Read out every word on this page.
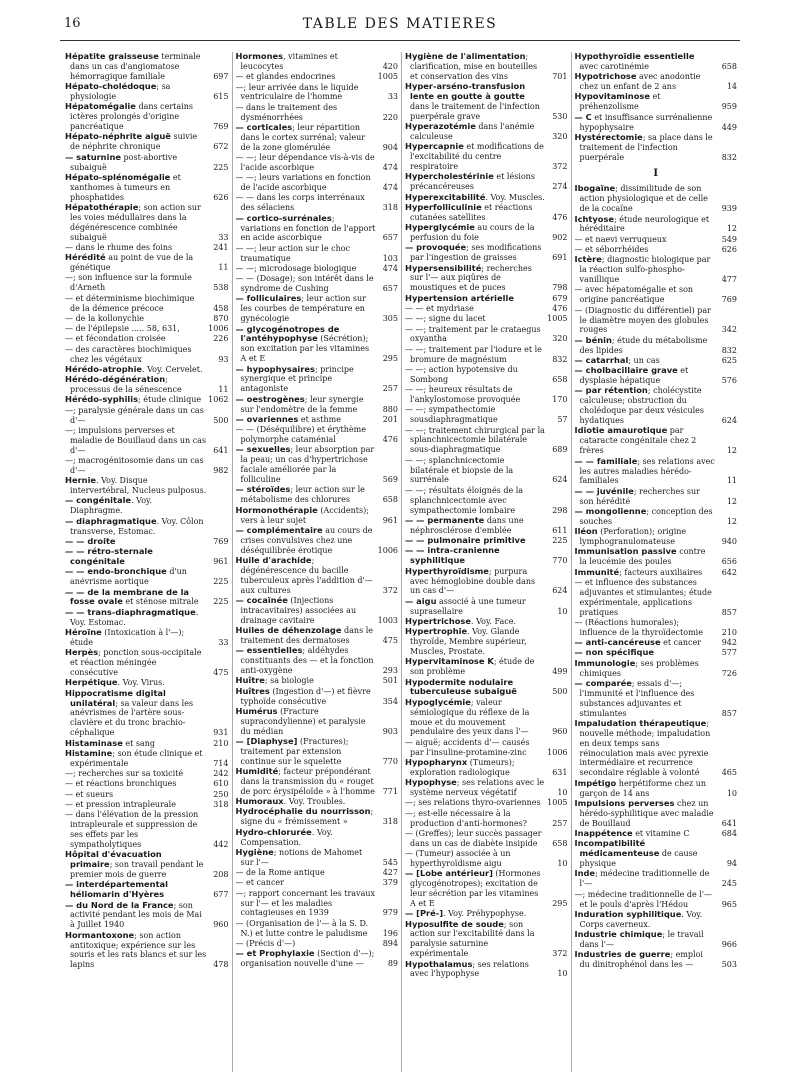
16	TABLE DES MATIERES
Hépatite graisseuse terminale dans un cas d'angiomatose hémorragique familiale	697
Hépato-cholédoque; sa physiologie	615
Hépatomégalie dans certains ictères prolongés d'origine pancréatique	769
Hépato-néphrite aiguë suivie de néphrite chronique	672
— saturnine post-abortive subaiguë	225
Hépato-splénomégalie et xanthomes à tumeurs en phosphatides	626
Hépatothérapie; son action sur les voies médullaires dans la dégénérescence combinée subaiguë	33
— dans le rhume des foins	241
Hérédité au point de vue de la génétique	11
—; son influence sur la formule d'Arneth	538
— et déterminisme biochimique de la démence précoce	458
— de la kollonychie	870
— de l'épilepsie ..... 58, 631,	1006
— et fécondation croisée	226
— des caractères biochimiques chez les végétaux	93
Hérédo-atrophie. Voy. Cervelet.
Hérédo-dégénération; processus de la sénescence	11
Hérédo-syphilis; étude clinique 1062
—; paralysie générale dans un cas d'—	500
—; impulsions perverses et maladie de Bouillaud dans un cas d'—	641
—; macrogénitosomie dans un cas d'—	982
Hernie. Voy. Disque intervertébral, Nucleus pulposus.
— congénitale. Voy. Diaphragme.
— diaphragmatique. Voy. Côlon transverse, Estomac.
— — droite	769
— — rétro-sternale congénitale	961
— — endo-bronchique d'un anévrisme aortique	225
— — de la membrane de la fosse ovale et sténose mitrale 225
— — trans-diaphragmatique. Voy. Estomac.
Héroïne (Intoxication à l'—); étude	33
Herpès; ponction sous-occipitale et réaction méningée consécutive	475
Herpétique. Voy. Virus.
Hippocratisme digital unilatéral; sa valeur dans les anévrismes de l'artère sous-clavière et du tronc brachio-céphalique	931
Histaminase et sang	210
Histamine; son étude clinique et expérimentale	714
—; recherches sur sa toxicité	242
— et réactions bronchiques	610
— et sueurs	250
— et pression intrapleurale	318
— dans l'élévation de la pression intrapleurale et suppression de ses effets par les sympatholytiques	442
Hôpital d'évacuation primaire; son travail pendant le premier mois de guerre	208
— interdépartemental héliomarin d'Hyères	677
— du Nord de la France; son activité pendant les mois de Mai à Juillet 1940	960
Hormantoxone; son action antitoxique; expérience sur les souris et les rats blancs et sur les lapins	478
Hormones, vitamines et leucocytes	420
— et glandes endocrines	1005
—; leur arrivée dans le liquide ventriculaire de l'homme	33
— dans le traitement des dysménorrhées	220
— corticales; leur répartition dans le cortex surrénal; valeur de la zone glomérulée	904
— —; leur dépendance vis-à-vis de l'acide ascorbique	474
— —; leurs variations en fonction de l'acide ascorbique	474
— — dans les corps interrénaux des sélaciens	318
— cortico-surrénales; variations en fonction de l'apport en acide ascorbique	657
— —; leur action sur le choc traumatique	103
— —; microdosage biologique	474
— — (Dosage); son intérêt dans le syndrome de Cushing	657
— folliculaires; leur action sur les courbes de température en gynécologie	305
— glycogénotropes de l'antéhypophyse (Sécrétion); son excitation par les vitamines A et E	295
— hypophysaires; principe synergique et principe antagoniste	257
— oestrogènes; leur synergie sur l'endomètre de la femme	880
— ovariennes et asthme	201
— — (Déséquilibre) et érythème polymorphe cataménial	476
— sexuelles; leur absorption par la peau; un cas d'hypertrichose faciale améliorée par la folliculine	569
— stéroïdes; leur action sur le métabolisme des chlorures	658
Hormonothérapie (Accidents); vers à leur sujet	961
— complémentaire au cours de crises convulsives chez une déséquilibrée érotique	1006
Huile d'arachide; dégénérescence du bacille tuberculeux après l'addition d'— aux cultures	372
— cocaïnée (Injections intracavitaires) associées au drainage cavitaire	1003
Huiles de déhenzolage dans le traitement des dermatoses	475
— essentielles; aldéhydes constituants des — et la fonction anti-oxygène	293
Huître; sa biologie	501
Huîtres (Ingestion d'—) et fièvre typhoïde consécutive	354
Humérus (Fracture supracondylienne) et paralysie du médian	903
— [Diaphyse] (Fractures); traitement par extension continue sur le squelette	770
Humidité; facteur prépondérant dans la transmission du « rouget de porc érysipéloïde » à l'homme 771
Humoraux. Voy. Troubles.
Hydrocéphalie du nourrisson; signe du « frémissement »	318
Hydro-chlorurée. Voy. Compensation.
Hygiène; notions de Mahomet sur l'—	545
— de la Rome antique	427
— et cancer	379
—; rapport concernant les travaux sur l'— et les maladies contagieuses en 1939	979
— (Organisation de l'— à la S. D. N.) et lutte contre le paludisme 196
— (Précis d'—)	894
— et Prophylaxie (Section d'—); organisation nouvelle d'une —	89
Hygiène de l'alimentation; clarification, mise en bouteilles et conservation des vins	701
Hyper-arséno-transfusion lente en goutte à goutte dans le traitement de l'infection puerpérale grave	530
Hyperazotémie dans l'anémie calculeuse	320
Hypercapnie et modifications de l'excitabilité du centre respiratoire	372
Hypercholestérinie et lésions précancéreuses	274
Hyperexcitabilité. Voy. Muscles.
Hyperfolliculinie et réactions cutanées satellites	476
Hyperglycémie au cours de la perfusion du foie	902
— provoquée; ses modifications par l'ingestion de graisses	691
Hypersensibilité; recherches sur l'— aux piqûres de moustiques et de puces	798
Hypertension artérielle	679
— — et mydriase	476
— —; signe du lacet	1005
— —; traitement par le crataegus oxyantha	320
— —; traitement par l'iodure et le bromure de magnésium	832
— —; action hypotensive du Sombong	658
— —; heureux résultats de l'ankylostomose provoquée	170
— —; sympathectomie sousdiaphragmatique	57
— —; traitement chirurgical par la splanchnicectomie bilatérale sous-diaphragmatique	689
— —; splanchnicectomie bilatérale et biopsie de la surrénale	624
— —; résultats éloignés de la splanchnicectomie avec sympathectomie lombaire	298
— — permanente dans une néphrosclérose d'emblée	611
— — pulmonaire primitive	225
— — intra-cranienne syphilitique	770
Hyperthyroïdisme; purpura avec hémoglobine double dans un cas d'—	624
— aigu associé à une tumeur suprasellaire	10
Hypertrichose. Voy. Face.
Hypertrophie. Voy. Glande thyroïde, Membre supérieur, Muscles, Prostate.
Hypervitaminose K; étude de son problème	499
Hypodermite nodulaire tuberculeuse subaiguë	500
Hypoglycémie; valeur sémiologique du réflexe de la moue et du mouvement pendulaire des yeux dans l'—	960
— aiguë; accidents d'— causés par l'insuline-protamine-zinc	1006
Hypopharynx (Tumeurs); exploration radiologique	631
Hypophyse; ses relations avec le système nerveux végétatif	10
—; ses relations thyro-ovariennes 1005
—; est-elle nécessaire à la production d'anti-hormones?	257
— (Greffes); leur succès passager dans un cas de diabète insipide 658
— (Tumeur) associée à un hyperthyroïdisme aigu	10
— [Lobe antérieur] (Hormones glycogénotropes); excitation de leur sécrétion par les vitamines A et E	295
— [Pré-]. Voy. Préhypophyse.
Hyposulfite de soude; son action sur l'excitabilité dans la paralysie saturnine expérimentale	372
Hypothalamus; ses relations avec l'hypophyse	10
Hypothyroïdie essentielle avec carotinémie	658
Hypotrichose avec anodontie chez un enfant de 2 ans	14
Hypovitaminose et préhenzolisme	959
— C et insuffisance surrénalienne hypophysaire	449
Hystérectomie; sa place dans le traitement de l'infection puerpérale	832
I
Ibogaïne; dissimilitude de son action physiologique et de celle de la cocaïne	939
Ichtyose; étude neurologique et héréditaire	12
— et naevi verruqueux	549
— et séborrhéides	626
Ictère; diagnostic biologique par la réaction sulfo-phospho-vanillique	477
— avec hépatomégalie et son origine pancréatique	769
— (Diagnostic du différentiel) par le diamètre moyen des globules rouges	342
— bénin; étude du métabolisme des lipides	832
— catarrhal; un cas	625
— cholbacillaire grave et dysplasie hépatique	576
— par rétention; cholécystite calculeuse; obstruction du cholédoque par deux vésicules hydatiques	624
Idiotie amaurotique par cataracte congénitale chez 2 frères	12
— — familiale; ses relations avec les autres maladies hérédo-familiales	11
— — juvénile; recherches sur son hérédité	12
— mongolienne; conception des souches	12
Iléon (Perforation); origine lymphogranulomateuse	940
Immunisation passive contre la leucémie des poules	656
Immunité; facteurs auxiliaires 642
— et influence des substances adjuvantes et stimulantes; étude expérimentale, applications pratiques	857
— (Réactions humorales); influence de la thyroïdectomie 210
— anti-cancéreuse et cancer	942
— non spécifique	577
Immunologie; ses problèmes chimiques	726
— comparée; essais d'—; l'immunité et l'influence des substances adjuvantes et stimulantes	857
Impaludation thérapeutique; nouvelle méthode; impaludation en deux temps sans réinoculation mais avec pyrexie intermédiaire et recurrence secondaire réglable à volonté	465
Impétigo herpétiforme chez un garçon de 14 ans	10
Impulsions perverses chez un hérédo-syphilitique avec maladie de Bouillaud	641
Inappétence et vitamine C	684
Incompatibilité médicamenteuse de cause physique	94
Inde; médecine traditionnelle de l'—	245
—; médecine traditionnelle de l'— et le pouls d'après l'Hédou	965
Induration syphilitique. Voy. Corps caverneux.
Industrie chimique; le travail dans l'—	966
Industries de guerre; emploi du dinitrophénol dans les —	503
